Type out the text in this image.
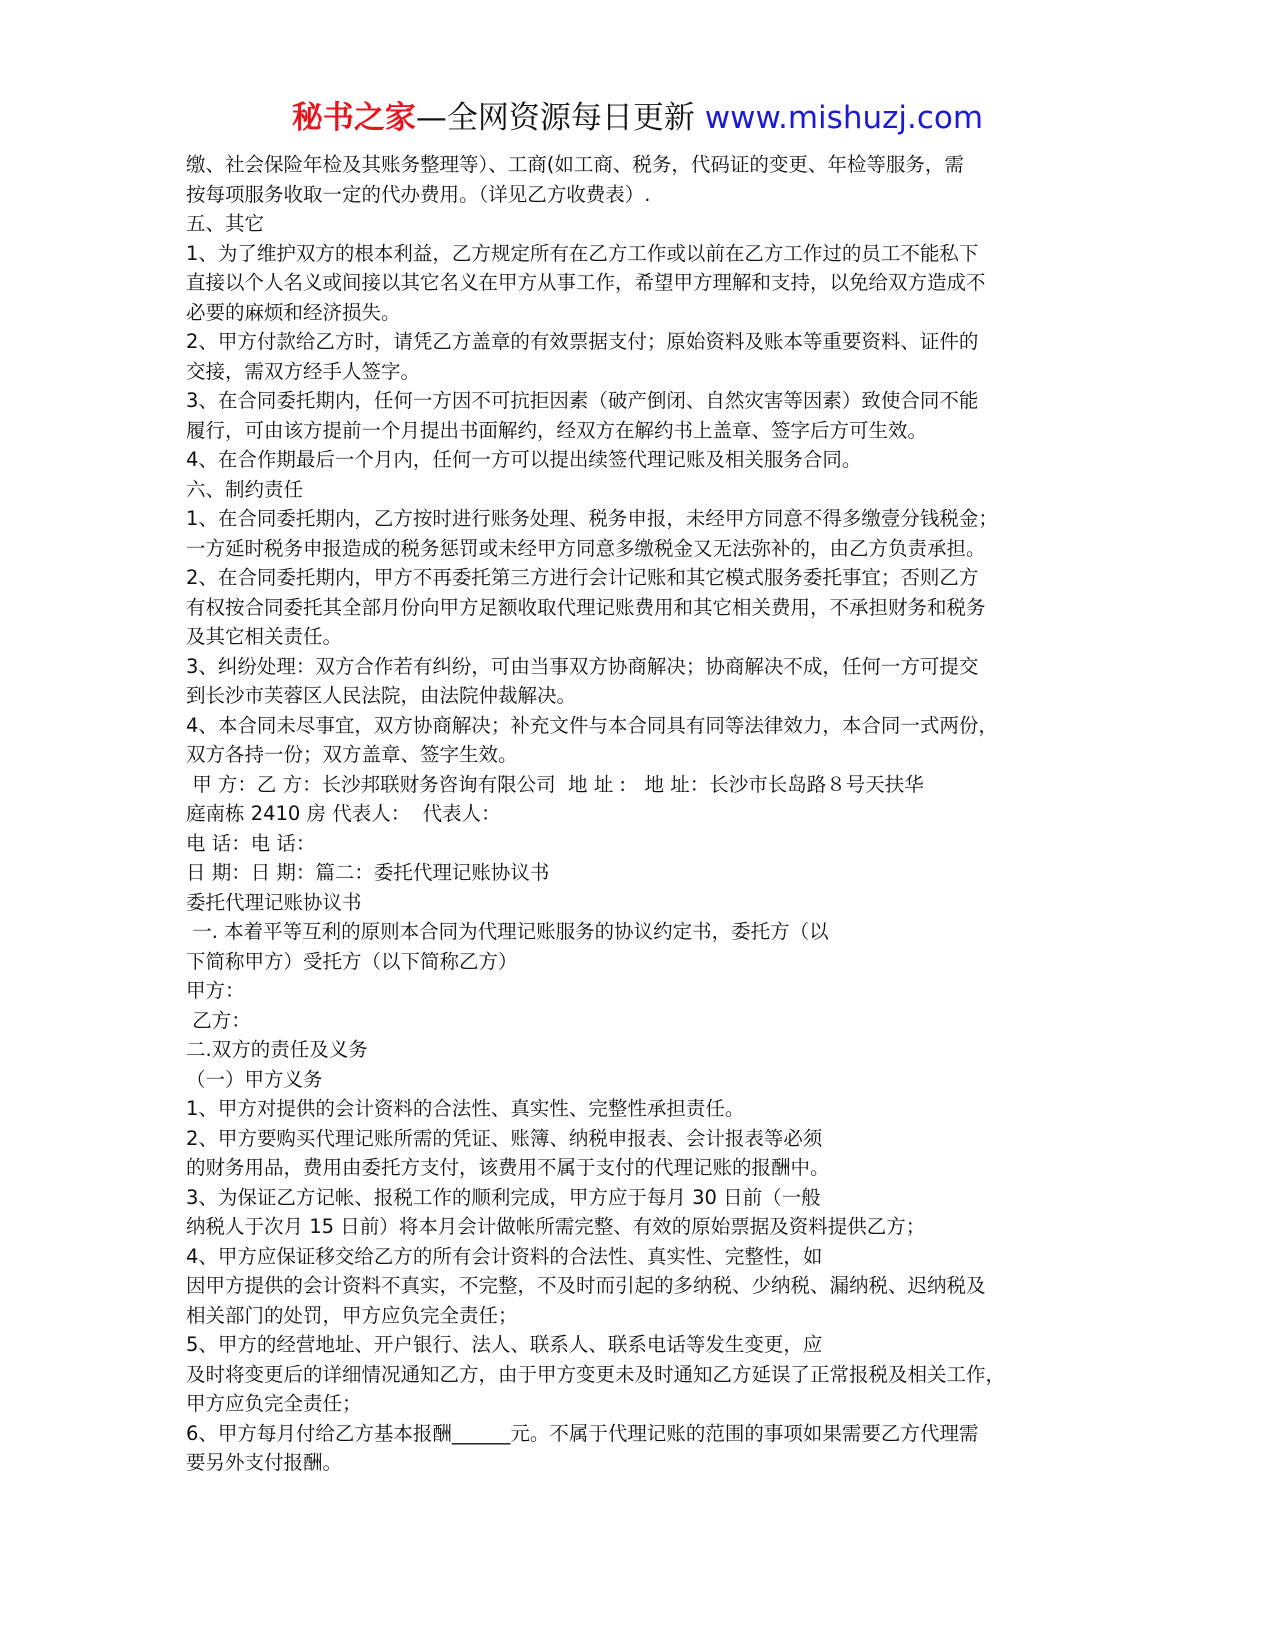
秘书之家—全网资源每日更新 www.mishuzj.com
缴、社会保险年检及其账务整理等）、工商(如工商、税务，代码证的变更、年检等服务，需
按每项服务收取一定的代办费用。（详见乙方收费表）.
五、其它
1、为了维护双方的根本利益，乙方规定所有在乙方工作或以前在乙方工作过的员工不能私下
直接以个人名义或间接以其它名义在甲方从事工作，希望甲方理解和支持，以免给双方造成不
必要的麻烦和经济损失。
2、甲方付款给乙方时，请凭乙方盖章的有效票据支付；原始资料及账本等重要资料、证件的
交接，需双方经手人签字。
3、在合同委托期内，任何一方因不可抗拒因素（破产倒闭、自然灾害等因素）致使合同不能
履行，可由该方提前一个月提出书面解约，经双方在解约书上盖章、签字后方可生效。
4、在合作期最后一个月内，任何一方可以提出续签代理记账及相关服务合同。
六、制约责任
1、在合同委托期内，乙方按时进行账务处理、税务申报，未经甲方同意不得多缴壹分钱税金；
一方延时税务申报造成的税务惩罚或未经甲方同意多缴税金又无法弥补的，由乙方负责承担。
2、在合同委托期内，甲方不再委托第三方进行会计记账和其它模式服务委托事宜；否则乙方
有权按合同委托其全部月份向甲方足额收取代理记账费用和其它相关费用，不承担财务和税务
及其它相关责任。
3、纠纷处理：双方合作若有纠纷，可由当事双方协商解决；协商解决不成，任何一方可提交
到长沙市芙蓉区人民法院，由法院仲裁解决。
4、本合同未尽事宜，双方协商解决；补充文件与本合同具有同等法律效力，本合同一式两份，
双方各持一份；双方盖章、签字生效。
甲 方：乙 方：长沙邦联财务咨询有限公司  地 址 :   地 址：长沙市长岛路８号天扶华
庭南栋 2410 房 代表人：  代表人：
电 话：电 话：
日 期：日 期：篇二：委托代理记账协议书
委托代理记账协议书
一. 本着平等互利的原则本合同为代理记账服务的协议约定书，委托方（以
下简称甲方）受托方（以下简称乙方）
甲方：
乙方：
二.双方的责任及义务
（一）甲方义务
1、甲方对提供的会计资料的合法性、真实性、完整性承担责任。
2、甲方要购买代理记账所需的凭证、账簿、纳税申报表、会计报表等必须
的财务用品，费用由委托方支付，该费用不属于支付的代理记账的报酬中。
3、为保证乙方记帐、报税工作的顺利完成，甲方应于每月 30 日前（一般
纳税人于次月 15 日前）将本月会计做帐所需完整、有效的原始票据及资料提供乙方；
4、甲方应保证移交给乙方的所有会计资料的合法性、真实性、完整性，如
因甲方提供的会计资料不真实，不完整，不及时而引起的多纳税、少纳税、漏纳税、迟纳税及
相关部门的处罚，甲方应负完全责任；
5、甲方的经营地址、开户银行、法人、联系人、联系电话等发生变更，应
及时将变更后的详细情况通知乙方，由于甲方变更未及时通知乙方延误了正常报税及相关工作，
甲方应负完全责任；
6、甲方每月付给乙方基本报酬______元。不属于代理记账的范围的事项如果需要乙方代理需
要另外支付报酬。
